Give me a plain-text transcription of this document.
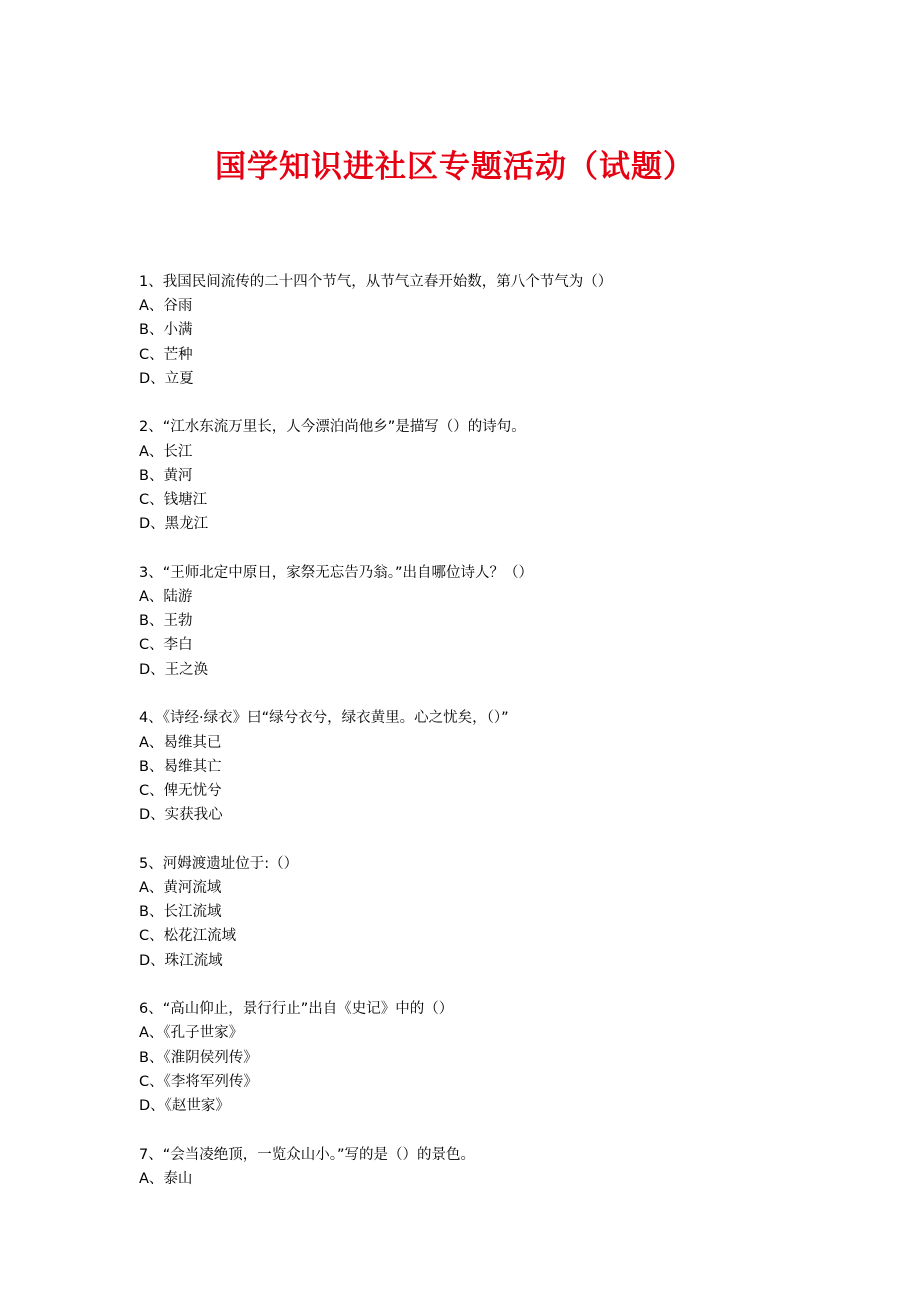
国学知识进社区专题活动（试题）
1、我国民间流传的二十四个节气，从节气立春开始数，第八个节气为（）
A、谷雨
B、小满
C、芒种
D、立夏
2、“江水东流万里长，人今漂泊尚他乡”是描写（）的诗句。
A、长江
B、黄河
C、钱塘江
D、黑龙江
3、“王师北定中原日，家祭无忘告乃翁。”出自哪位诗人？（）
A、陆游
B、王勃
C、李白
D、王之涣
4、《诗经·绿衣》曰“绿兮衣兮，绿衣黄里。心之忧矣，（）”
A、曷维其已
B、曷维其亡
C、俾无忧兮
D、实获我心
5、河姆渡遗址位于:（）
A、黄河流域
B、长江流域
C、松花江流域
D、珠江流域
6、“高山仰止，景行行止”出自《史记》中的（）
A、《孔子世家》
B、《淮阴侯列传》
C、《李将军列传》
D、《赵世家》
7、“会当凌绝顶，一览众山小。”写的是（）的景色。
A、泰山
